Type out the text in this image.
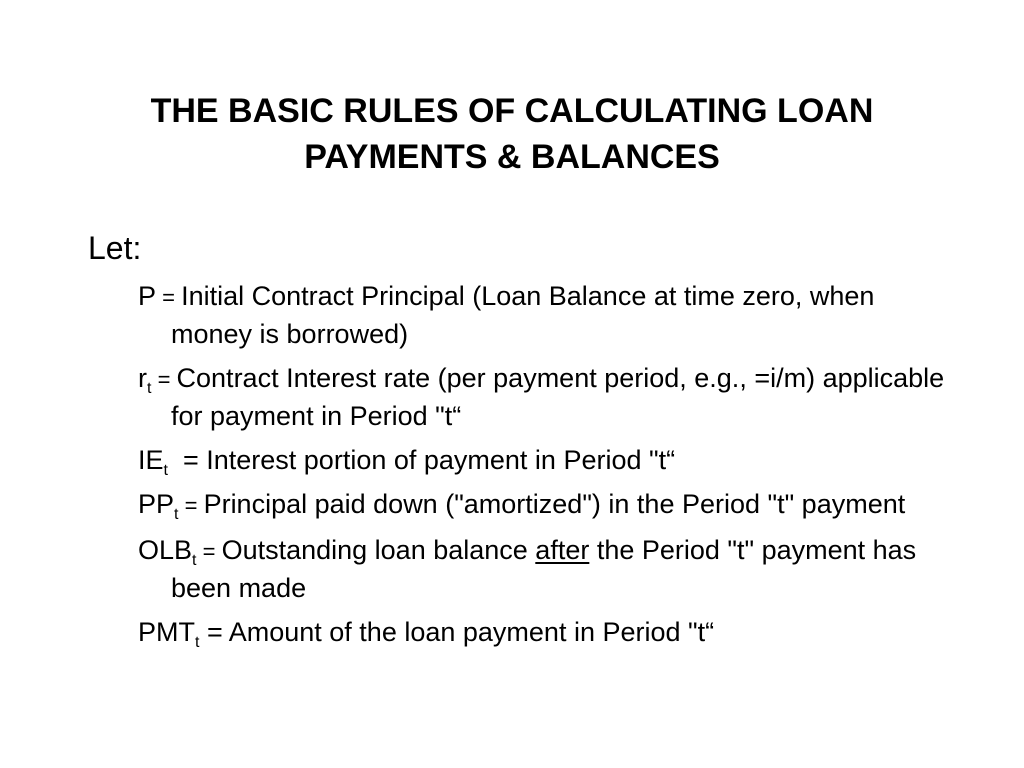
THE BASIC RULES OF CALCULATING LOAN
PAYMENTS & BALANCES
Let:
P = Initial Contract Principal (Loan Balance at time zero, when money is borrowed)
$r_t$ = Contract Interest rate (per payment period, e.g., =i/m) applicable for payment in Period "t“
$IE_t$  = Interest portion of payment in Period "t“
$PP_t$ = Principal paid down ("amortized") in the Period "t" payment
$OLB_t$ = Outstanding loan balance after the Period "t" payment has been made
$PMT_t$ = Amount of the loan payment in Period "t“
